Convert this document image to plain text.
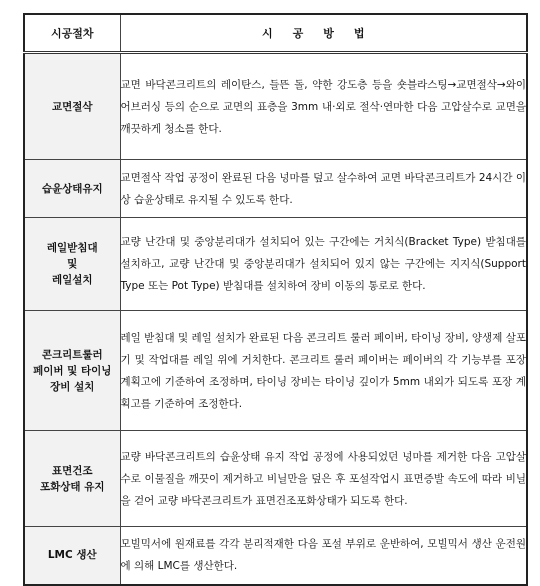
시공절차	시공방법

교면절삭	교면 바닥콘크리트의 레이탄스, 들뜬 돌, 약한 강도층 등을 숏블라스팅→교면절삭→와이어브러싱 등의 순으로 교면의 표층을 3mm 내·외로 절삭·연마한 다음 고압살수로 교면을 깨끗하게 청소를 한다.

습윤상태유지	교면절삭 작업 공정이 완료된 다음 넝마를 덮고 살수하여 교면 바닥콘크리트가 24시간 이상 습윤상태로 유지될 수 있도록 한다.

레일받침대
및
레일설치	교량 난간대 및 중앙분리대가 설치되어 있는 구간에는 거치식(Bracket Type) 받침대를 설치하고, 교량 난간대 및 중앙분리대가 설치되어 있지 않는 구간에는 지지식(Support Type 또는 Pot Type) 받침대를 설치하여 장비 이동의 통로로 한다.

콘크리트룰러
페이버 및 타이닝
장비 설치	레일 받침대 및 레일 설치가 완료된 다음 콘크리트 룰러 페이버, 타이닝 장비, 양생제 살포기 및 작업대를 레일 위에 거치한다. 콘크리트 룰러 페이버는 페이버의 각 기능부를 포장 계획고에 기준하여 조정하며, 타이닝 장비는 타이닝 깊이가 5mm 내외가 되도록 포장 계획고를 기준하여 조정한다.

표면건조
포화상태 유지	교량 바닥콘크리트의 습윤상태 유지 작업 공정에 사용되었던 넝마를 제거한 다음 고압살수로 이물질을 깨끗이 제거하고 비닐만을 덮은 후 포설작업시 표면증발 속도에 따라 비닐을 걷어 교량 바닥콘크리트가 표면건조포화상태가 되도록 한다.

LMC 생산	모빌믹서에 원재료를 각각 분리적재한 다음 포설 부위로 운반하여, 모빌믹서 생산 운전원에 의해 LMC를 생산한다.
